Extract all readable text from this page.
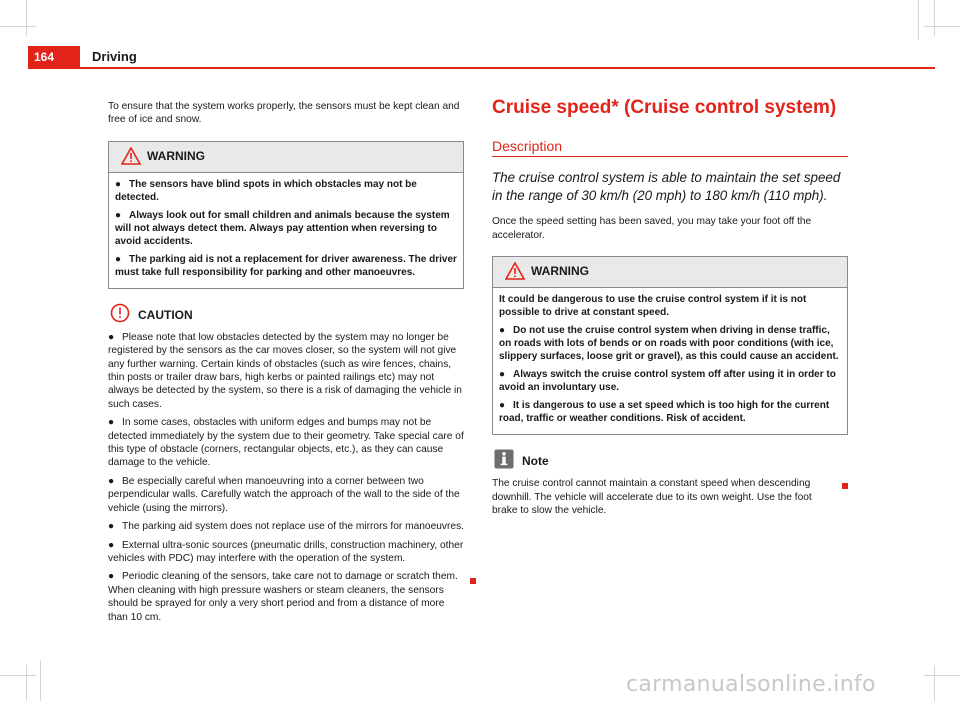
164	Driving

To ensure that the system works properly, the sensors must be kept clean and free of ice and snow.

WARNING

● The sensors have blind spots in which obstacles may not be detected.

● Always look out for small children and animals because the system will not always detect them. Always pay attention when reversing to avoid accidents.

● The parking aid is not a replacement for driver awareness. The driver must take full responsibility for parking and other manoeuvres.

CAUTION

● Please note that low obstacles detected by the system may no longer be registered by the sensors as the car moves closer, so the system will not give any further warning. Certain kinds of obstacles (such as wire fences, chains, thin posts or trailer draw bars, high kerbs or painted railings etc) may not always be detected by the system, so there is a risk of damaging the vehicle in such cases.

● In some cases, obstacles with uniform edges and bumps may not be detected immediately by the system due to their geometry. Take special care of this type of obstacle (corners, rectangular objects, etc.), as they can cause damage to the vehicle.

● Be especially careful when manoeuvring into a corner between two perpendicular walls. Carefully watch the approach of the wall to the side of the vehicle (using the mirrors).

● The parking aid system does not replace use of the mirrors for manoeuvres.

● External ultra-sonic sources (pneumatic drills, construction machinery, other vehicles with PDC) may interfere with the operation of the system.

● Periodic cleaning of the sensors, take care not to damage or scratch them. When cleaning with high pressure washers or steam cleaners, the sensors should be sprayed for only a very short period and from a distance of more than 10 cm.

Cruise speed* (Cruise control system)
Description

The cruise control system is able to maintain the set speed in the range of 30 km/h (20 mph) to 180 km/h (110 mph).

Once the speed setting has been saved, you may take your foot off the accelerator.

WARNING

It could be dangerous to use the cruise control system if it is not possible to drive at constant speed.

● Do not use the cruise control system when driving in dense traffic, on roads with lots of bends or on roads with poor conditions (with ice, slippery surfaces, loose grit or gravel), as this could cause an accident.

● Always switch the cruise control system off after using it in order to avoid an involuntary use.

● It is dangerous to use a set speed which is too high for the current road, traffic or weather conditions. Risk of accident.

Note

The cruise control cannot maintain a constant speed when descending downhill. The vehicle will accelerate due to its own weight. Use the foot brake to slow the vehicle.

carmanualsonline.info
